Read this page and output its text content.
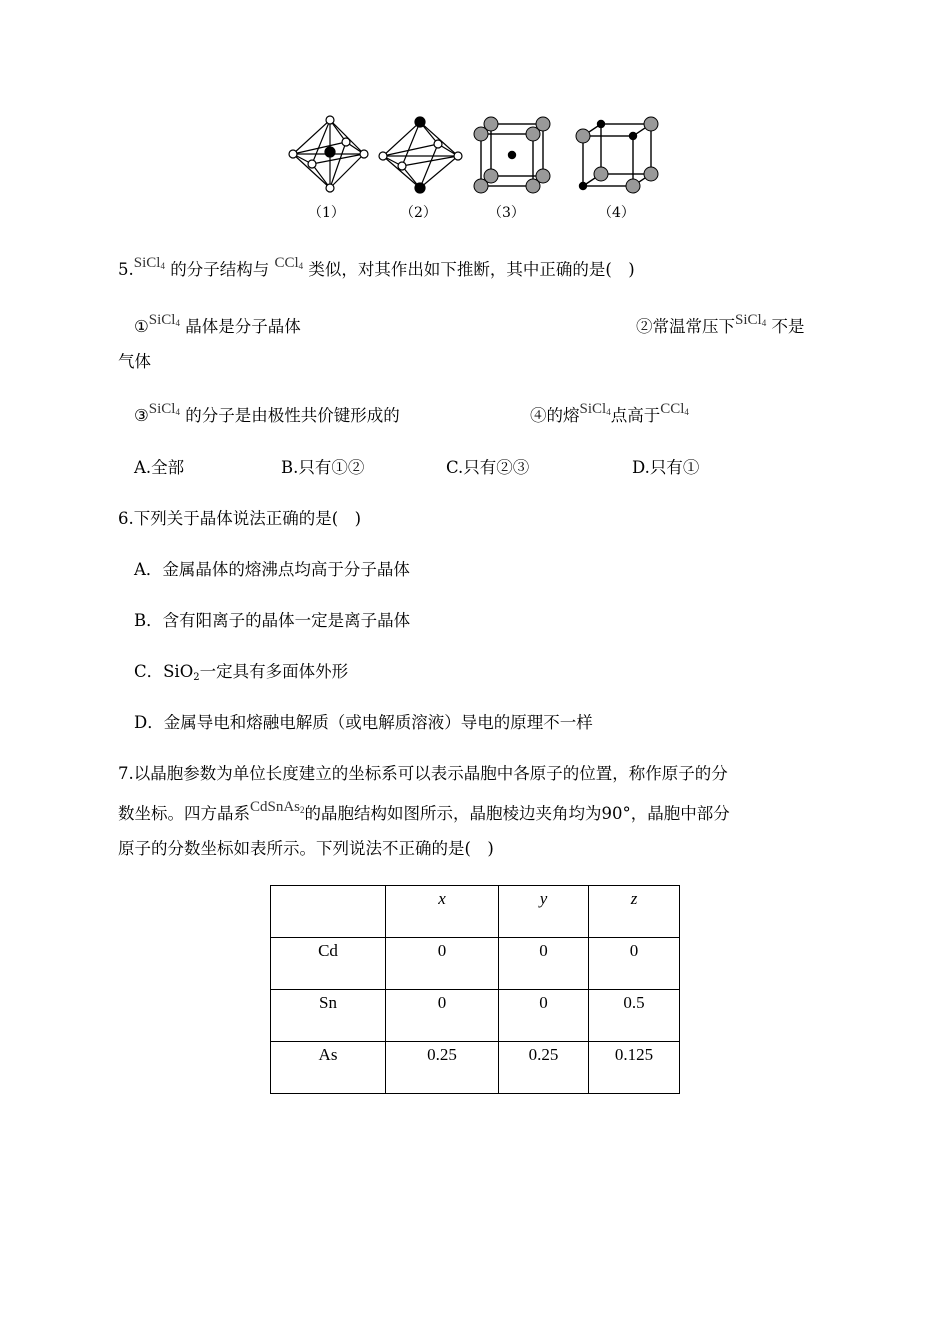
（1）	（2）	（3）	（4）
5.SiCl$_4$ 的分子结构与 CCl$_4$ 类似，对其作出如下推断，其中正确的是(　)
①SiCl$_4$ 晶体是分子晶体	②常温常压下SiCl$_4$ 不是
气体
③SiCl$_4$ 的分子是由极性共价键形成的	④的熔SiCl$_4$点高于CCl$_4$
A.全部	B.只有①②	C.只有②③	D.只有①
6.下列关于晶体说法正确的是(　)
A．金属晶体的熔沸点均高于分子晶体
B．含有阳离子的晶体一定是离子晶体
C．SiO2一定具有多面体外形
D．金属导电和熔融电解质（或电解质溶液）导电的原理不一样
7.以晶胞参数为单位长度建立的坐标系可以表示晶胞中各原子的位置，称作原子的分
数坐标。四方晶系CdSnAs$_2$的晶胞结构如图所示，晶胞棱边夹角均为90°，晶胞中部分
原子的分数坐标如表所示。下列说法不正确的是(　)
	x	y	z
Cd	0	0	0
Sn	0	0	0.5
As	0.25	0.25	0.125
